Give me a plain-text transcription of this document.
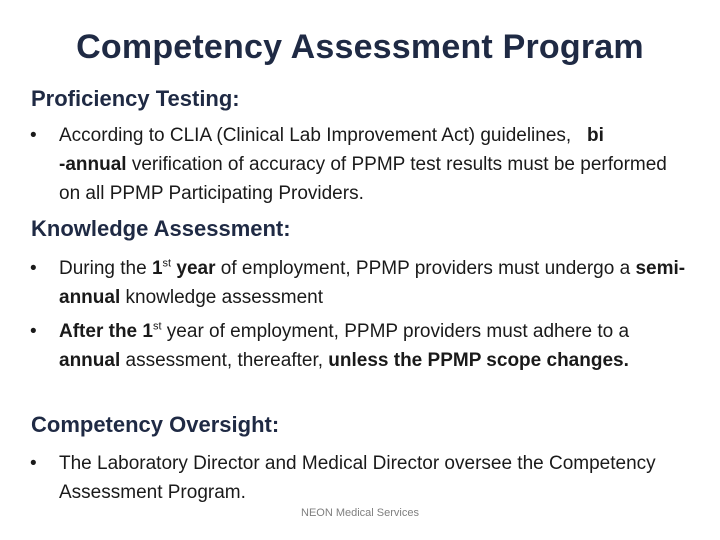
Competency Assessment Program
Proficiency Testing:
•	According to CLIA (Clinical Lab Improvement Act) guidelines,   bi
-annual verification of accuracy of PPMP test results must be performed on all PPMP Participating Providers.
Knowledge Assessment:
•	During the 1st year of employment, PPMP providers must undergo a semi-annual knowledge assessment
•	After the 1st year of employment, PPMP providers must adhere to a annual assessment, thereafter, unless the PPMP scope changes.
Competency Oversight:
•	The Laboratory Director and Medical Director oversee the Competency Assessment Program.
NEON Medical Services
